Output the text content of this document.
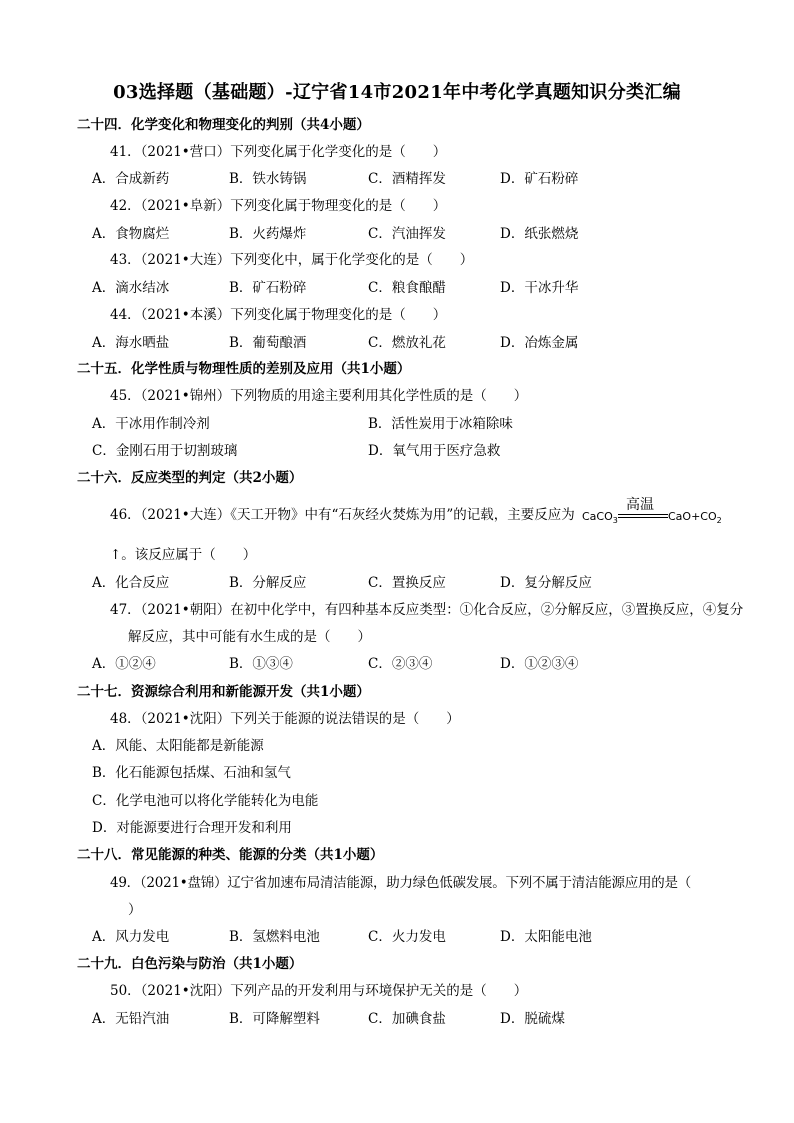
03选择题（基础题）-辽宁省14市2021年中考化学真题知识分类汇编
二十四．化学变化和物理变化的判别（共4小题）
41．（2021•营口）下列变化属于化学变化的是（　　）
A．合成新药	B．铁水铸锅	C．酒精挥发	D．矿石粉碎
42．（2021•阜新）下列变化属于物理变化的是（　　）
A．食物腐烂	B．火药爆炸	C．汽油挥发	D．纸张燃烧
43．（2021•大连）下列变化中，属于化学变化的是（　　）
A．滴水结冰	B．矿石粉碎	C．粮食酿醋	D．干冰升华
44．（2021•本溪）下列变化属于物理变化的是（　　）
A．海水晒盐	B．葡萄酿酒	C．燃放礼花	D．冶炼金属
二十五．化学性质与物理性质的差别及应用（共1小题）
45．（2021•锦州）下列物质的用途主要利用其化学性质的是（　　）
A．干冰用作制冷剂	B．活性炭用于冰箱除味
C．金刚石用于切割玻璃	D．氧气用于医疗急救
二十六．反应类型的判定（共2小题）
46．（2021•大连）《天工开物》中有“石灰经火焚炼为用”的记载，主要反应为 CaCO$_3$
高温
$CaO+CO_2$
↑。该反应属于（　　）
A．化合反应	B．分解反应	C．置换反应	D．复分解反应
47．（2021•朝阳）在初中化学中，有四种基本反应类型：①化合反应，②分解反应，③置换反应，④复分
解反应，其中可能有水生成的是（　　）
A．①②④	B．①③④	C．②③④	D．①②③④
二十七．资源综合利用和新能源开发（共1小题）
48．（2021•沈阳）下列关于能源的说法错误的是（　　）
A．风能、太阳能都是新能源
B．化石能源包括煤、石油和氢气
C．化学电池可以将化学能转化为电能
D．对能源要进行合理开发和利用
二十八．常见能源的种类、能源的分类（共1小题）
49．（2021•盘锦）辽宁省加速布局清洁能源，助力绿色低碳发展。下列不属于清洁能源应用的是（
）
A．风力发电	B．氢燃料电池	C．火力发电	D．太阳能电池
二十九．白色污染与防治（共1小题）
50．（2021•沈阳）下列产品的开发利用与环境保护无关的是（　　）
A．无铅汽油	B．可降解塑料	C．加碘食盐	D．脱硫煤
